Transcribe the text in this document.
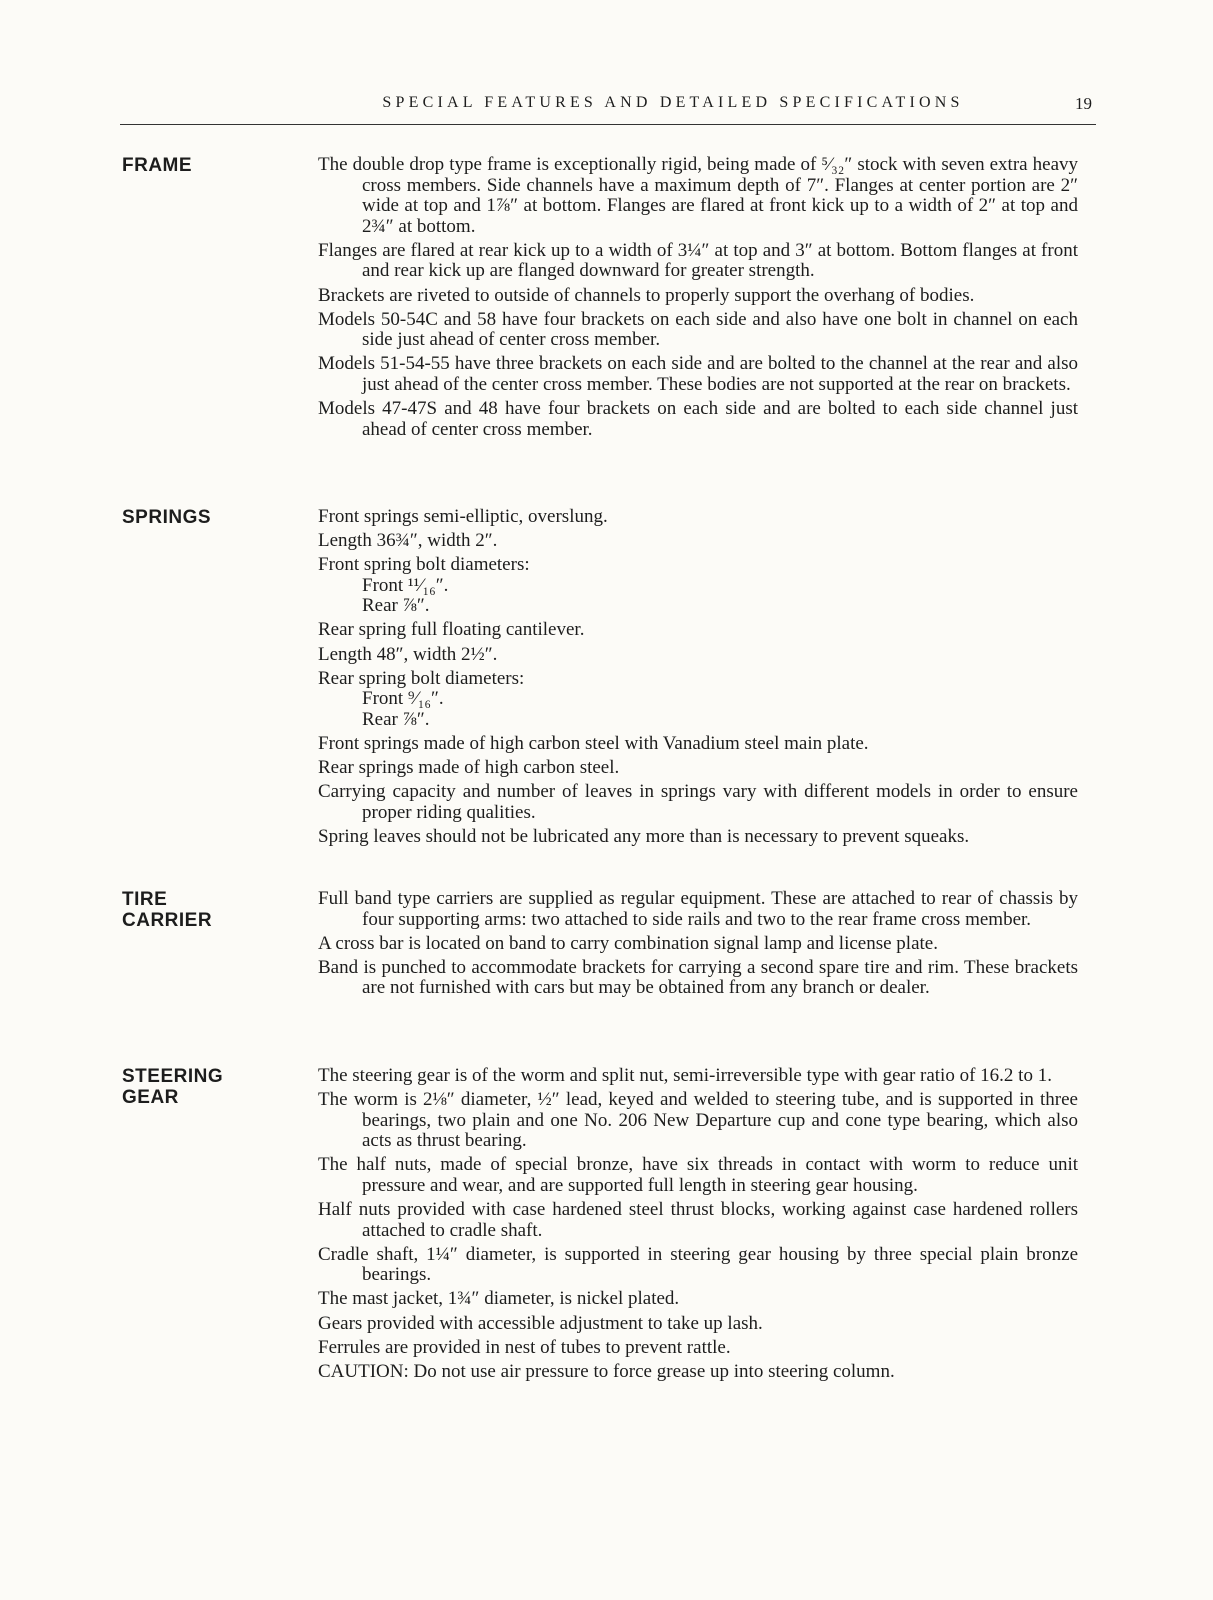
SPECIAL FEATURES AND DETAILED SPECIFICATIONS	19
FRAME	The double drop type frame is exceptionally rigid, being made of ⁵⁄₃₂″ stock with seven extra heavy cross members. Side channels have a maximum depth of 7″. Flanges at center portion are 2″ wide at top and 1⅞″ at bottom. Flanges are flared at front kick up to a width of 2″ at top and 2¾″ at bottom.

Flanges are flared at rear kick up to a width of 3¼″ at top and 3″ at bottom. Bottom flanges at front and rear kick up are flanged downward for greater strength.

Brackets are riveted to outside of channels to properly support the overhang of bodies.

Models 50-54C and 58 have four brackets on each side and also have one bolt in channel on each side just ahead of center cross member.

Models 51-54-55 have three brackets on each side and are bolted to the channel at the rear and also just ahead of the center cross member. These bodies are not supported at the rear on brackets.

Models 47-47S and 48 have four brackets on each side and are bolted to each side channel just ahead of center cross member.

SPRINGS	Front springs semi-elliptic, overslung.

Length 36¾″, width 2″.

Front spring bolt diameters:

Front ¹¹⁄₁₆″.

Rear ⅞″.

Rear spring full floating cantilever.

Length 48″, width 2½″.

Rear spring bolt diameters:

Front ⁹⁄₁₆″.

Rear ⅞″.

Front springs made of high carbon steel with Vanadium steel main plate.

Rear springs made of high carbon steel.

Carrying capacity and number of leaves in springs vary with different models in order to ensure proper riding qualities.

Spring leaves should not be lubricated any more than is necessary to prevent squeaks.

TIRE
CARRIER

Full band type carriers are supplied as regular equipment. These are attached to rear of chassis by four supporting arms: two attached to side rails and two to the rear frame cross member.

A cross bar is located on band to carry combination signal lamp and license plate.

Band is punched to accommodate brackets for carrying a second spare tire and rim. These brackets are not furnished with cars but may be obtained from any branch or dealer.

STEERING
GEAR

The steering gear is of the worm and split nut, semi-irreversible type with gear ratio of 16.2 to 1.

The worm is 2⅛″ diameter, ½″ lead, keyed and welded to steering tube, and is supported in three bearings, two plain and one No. 206 New Departure cup and cone type bearing, which also acts as thrust bearing.

The half nuts, made of special bronze, have six threads in contact with worm to reduce unit pressure and wear, and are supported full length in steering gear housing.

Half nuts provided with case hardened steel thrust blocks, working against case hardened rollers attached to cradle shaft.

Cradle shaft, 1¼″ diameter, is supported in steering gear housing by three special plain bronze bearings.

The mast jacket, 1¾″ diameter, is nickel plated.

Gears provided with accessible adjustment to take up lash.

Ferrules are provided in nest of tubes to prevent rattle.

CAUTION: Do not use air pressure to force grease up into steering column.
